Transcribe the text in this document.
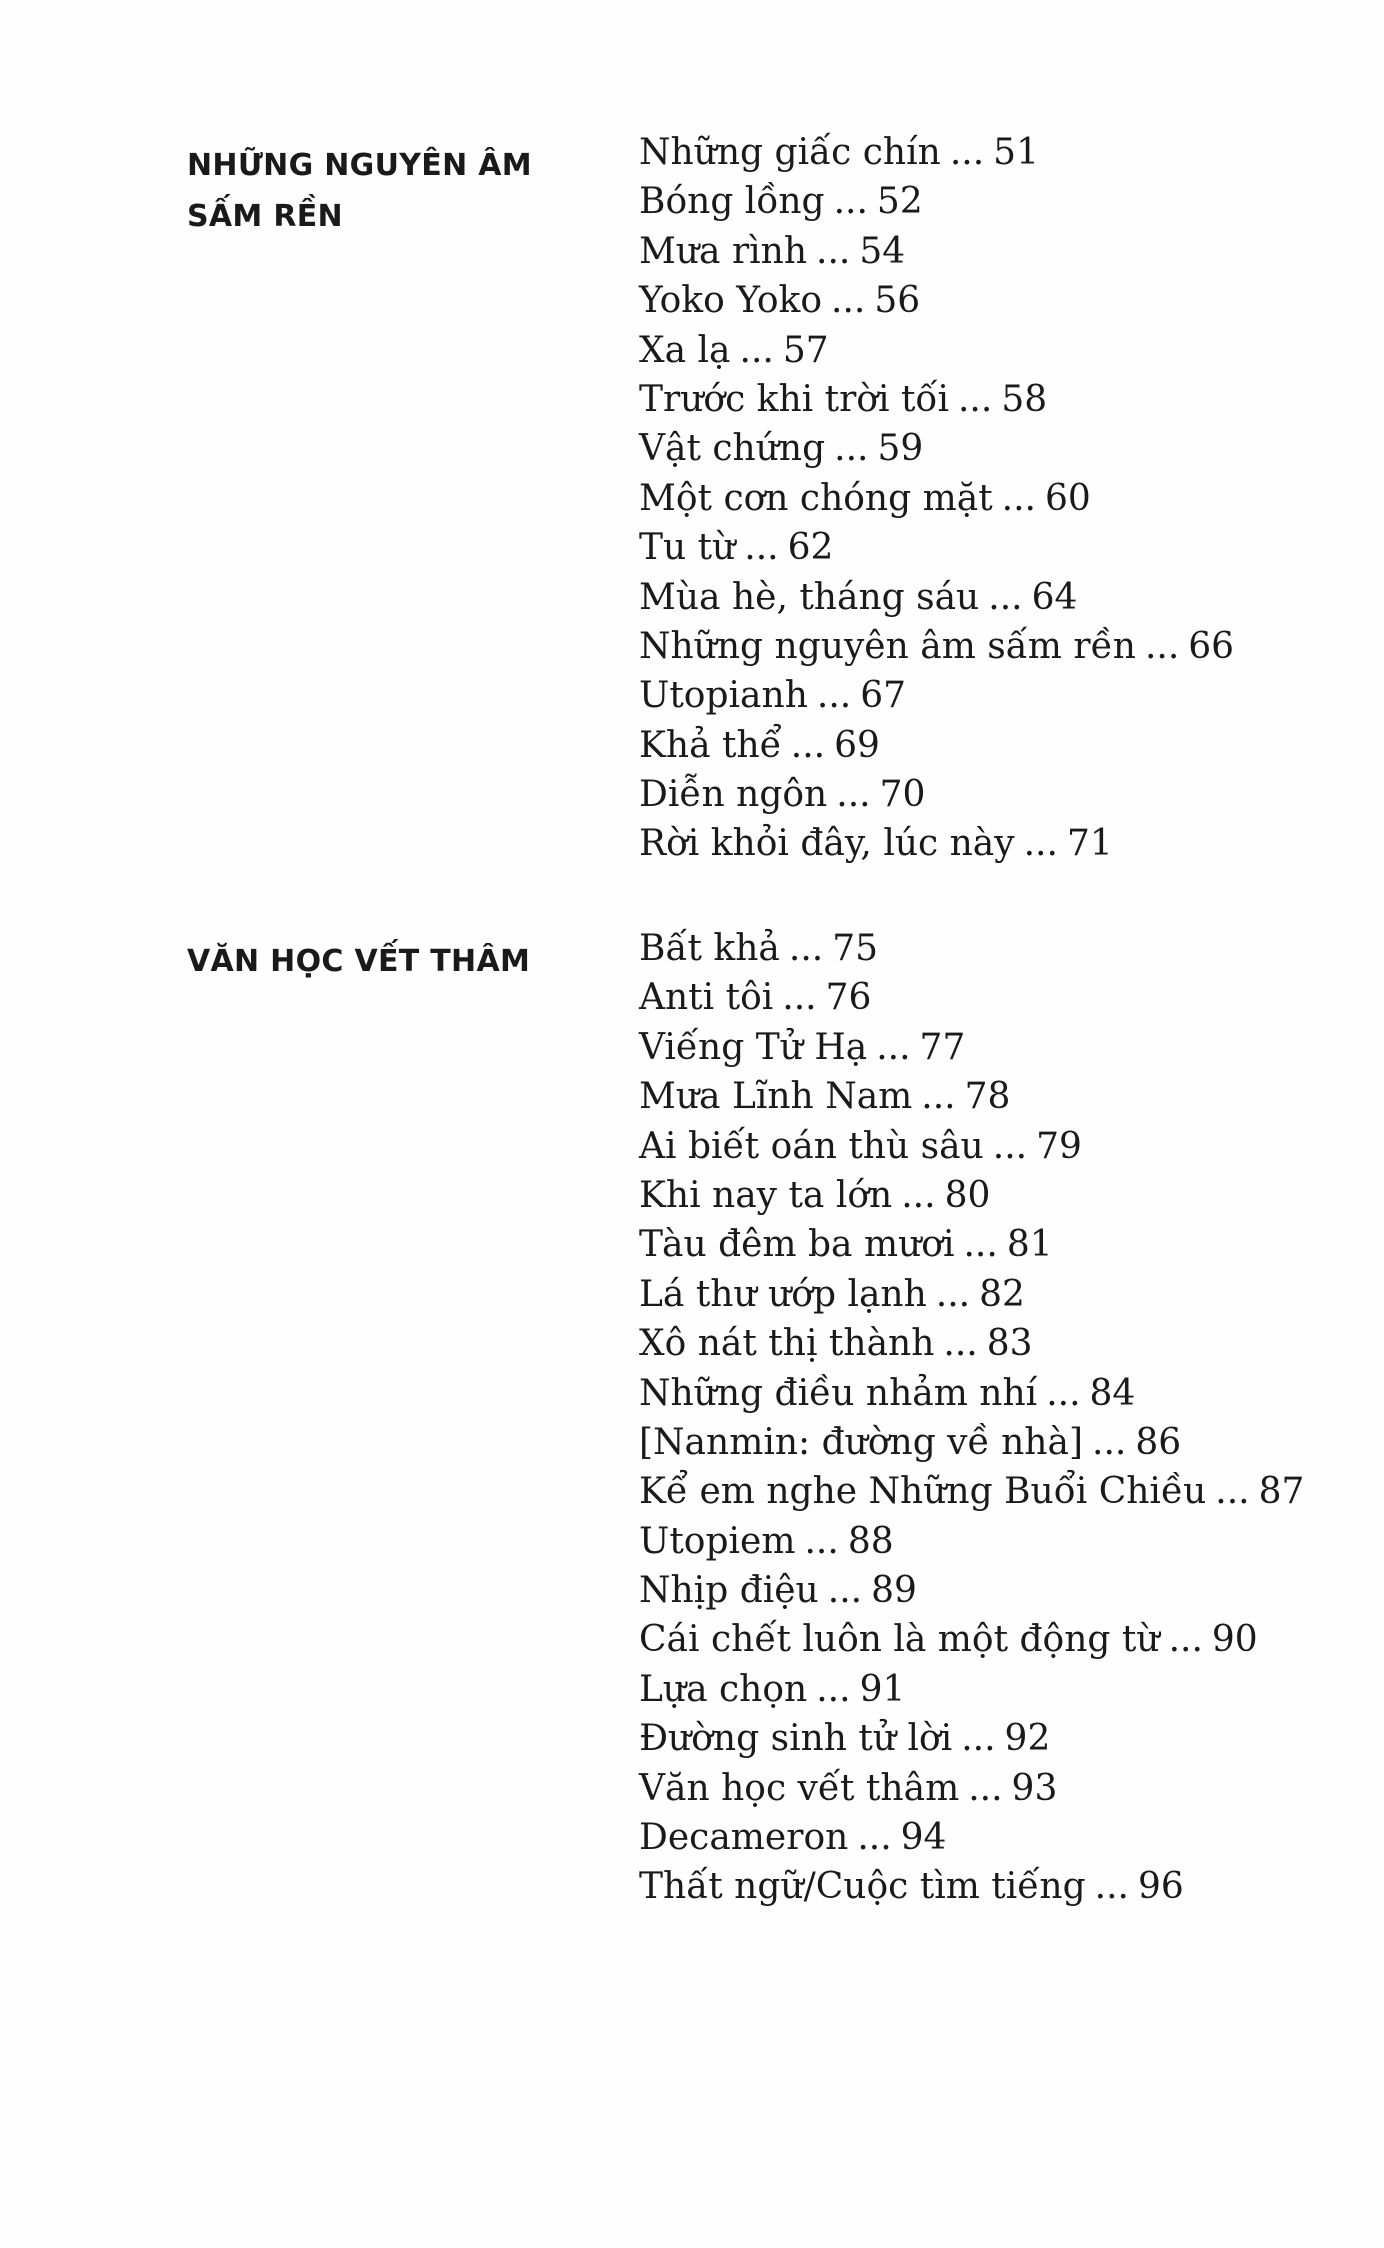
NHỮNG NGUYÊN ÂM
SẤM RỀN
Những giấc chín ... 51
Bóng lồng ... 52
Mưa rình ... 54
Yoko Yoko ... 56
Xa lạ ... 57
Trước khi trời tối ... 58
Vật chứng ... 59
Một cơn chóng mặt ... 60
Tu từ ... 62
Mùa hè, tháng sáu ... 64
Những nguyên âm sấm rền ... 66
Utopianh ... 67
Khả thể ... 69
Diễn ngôn ... 70
Rời khỏi đây, lúc này ... 71
VĂN HỌC VẾT THÂM	Bất khả ... 75
Anti tôi ... 76
Viếng Tử Hạ ... 77
Mưa Lĩnh Nam ... 78
Ai biết oán thù sâu ... 79
Khi nay ta lớn ... 80
Tàu đêm ba mươi ... 81
Lá thư ướp lạnh ... 82
Xô nát thị thành ... 83
Những điều nhảm nhí ... 84
[Nanmin: đường về nhà] ... 86
Kể em nghe Những Buổi Chiều ... 87
Utopiem ... 88
Nhịp điệu ... 89
Cái chết luôn là một động từ ... 90
Lựa chọn ... 91
Đường sinh tử lời ... 92
Văn học vết thâm ... 93
Decameron ... 94
Thất ngữ/Cuộc tìm tiếng ... 96
